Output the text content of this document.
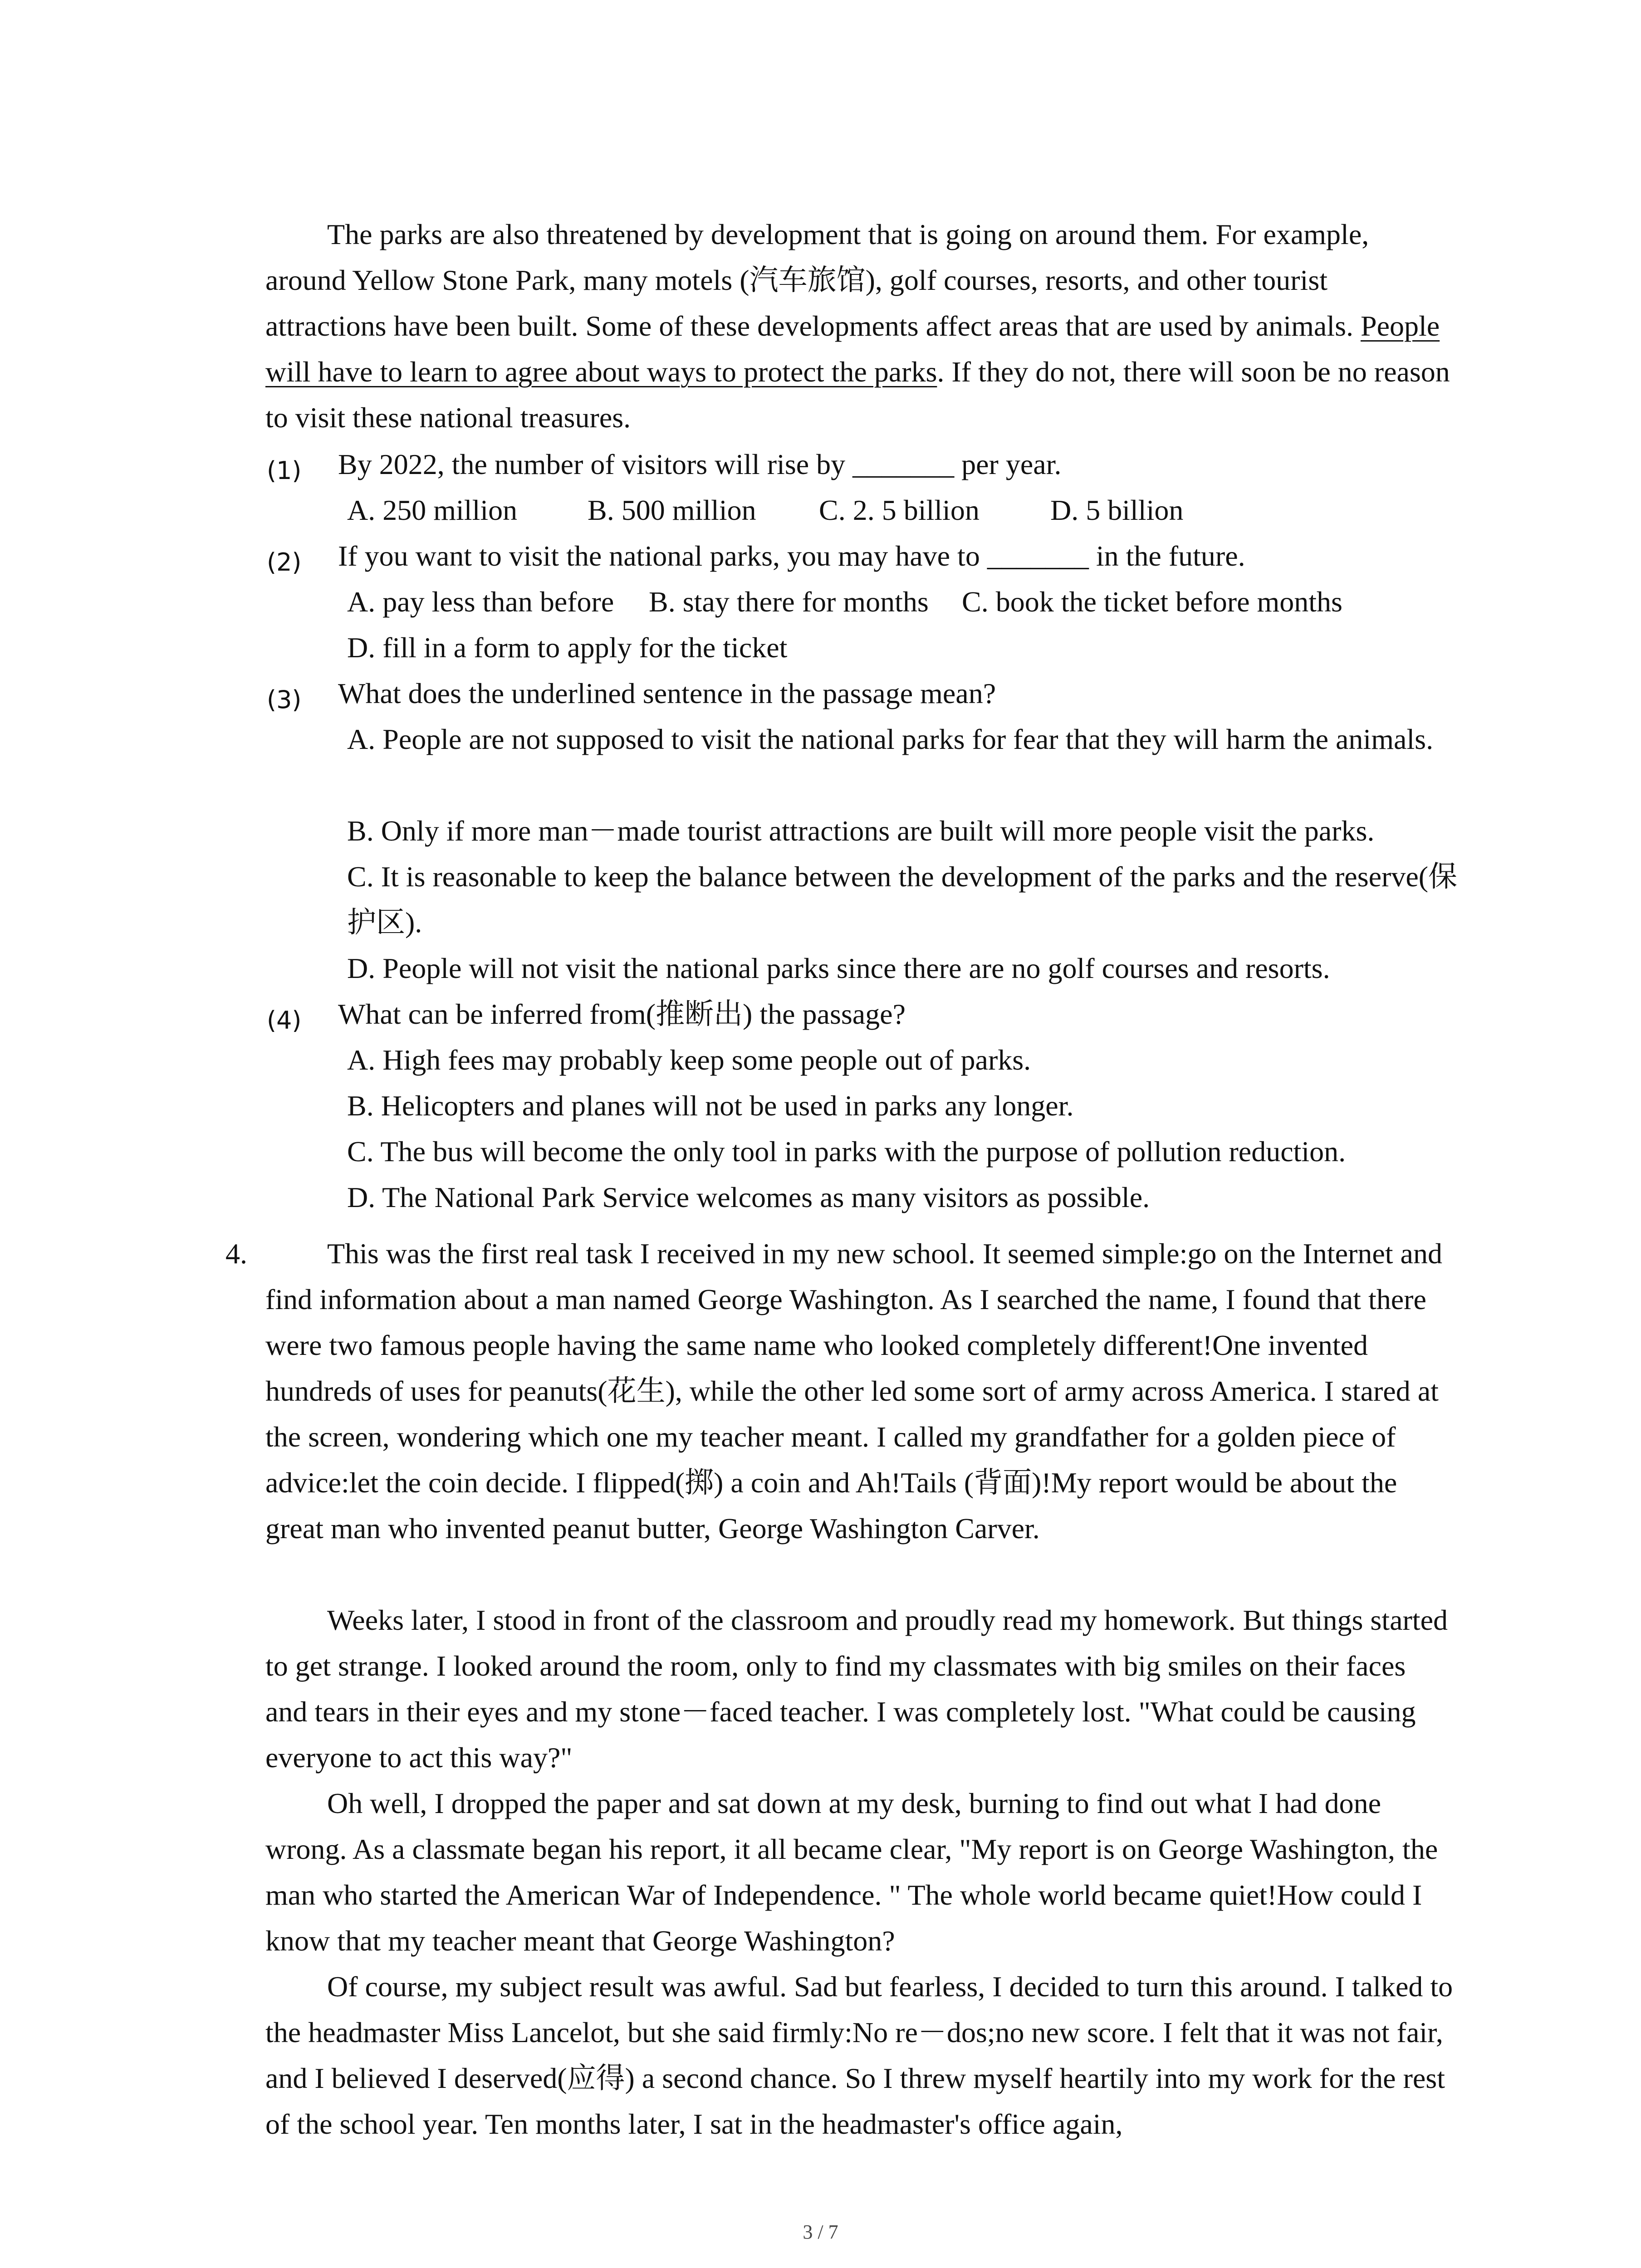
The parks are also threatened by development that is going on around them. For example, around Yellow Stone Park, many motels (汽车旅馆), golf courses, resorts, and other tourist attractions have been built. Some of these developments affect areas that are used by animals. People will have to learn to agree about ways to protect the parks. If they do not, there will soon be no reason to visit these national treasures.

(1) By 2022, the number of visitors will rise by _______ per year.
A. 250 million B. 500 million C. 2. 5 billion D. 5 billion
(2) If you want to visit the national parks, you may have to _______ in the future.
A. pay less than before B. stay there for months C. book the ticket before months
D. fill in a form to apply for the ticket
(3) What does the underlined sentence in the passage mean?
A. People are not supposed to visit the national parks for fear that they will harm the animals.
B. Only if more man－made tourist attractions are built will more people visit the parks.
C. It is reasonable to keep the balance between the development of the parks and the reserve(保护区).
D. People will not visit the national parks since there are no golf courses and resorts.
(4) What can be inferred from(推断出) the passage?
A. High fees may probably keep some people out of parks.
B. Helicopters and planes will not be used in parks any longer.
C. The bus will become the only tool in parks with the purpose of pollution reduction.
D. The National Park Service welcomes as many visitors as possible.
4.	This was the first real task I received in my new school. It seemed simple:go on the Internet and find information about a man named George Washington. As I searched the name, I found that there were two famous people having the same name who looked completely different!One invented hundreds of uses for peanuts(花生), while the other led some sort of army across America. I stared at the screen, wondering which one my teacher meant. I called my grandfather for a golden piece of advice:let the coin decide. I flipped(掷) a coin and Ah!Tails (背面)!My report would be about the great man who invented peanut butter, George Washington Carver.

Weeks later, I stood in front of the classroom and proudly read my homework. But things started to get strange. I looked around the room, only to find my classmates with big smiles on their faces and tears in their eyes and my stone－faced teacher. I was completely lost. "What could be causing everyone to act this way?"

Oh well, I dropped the paper and sat down at my desk, burning to find out what I had done wrong. As a classmate began his report, it all became clear, "My report is on George Washington, the man who started the American War of Independence. " The whole world became quiet!How could I know that my teacher meant that George Washington?

Of course, my subject result was awful. Sad but fearless, I decided to turn this around. I talked to the headmaster Miss Lancelot, but she said firmly:No re－dos;no new score. I felt that it was not fair, and I believed I deserved(应得) a second chance. So I threw myself heartily into my work for the rest of the school year. Ten months later, I sat in the headmaster's office again,

3 / 7
